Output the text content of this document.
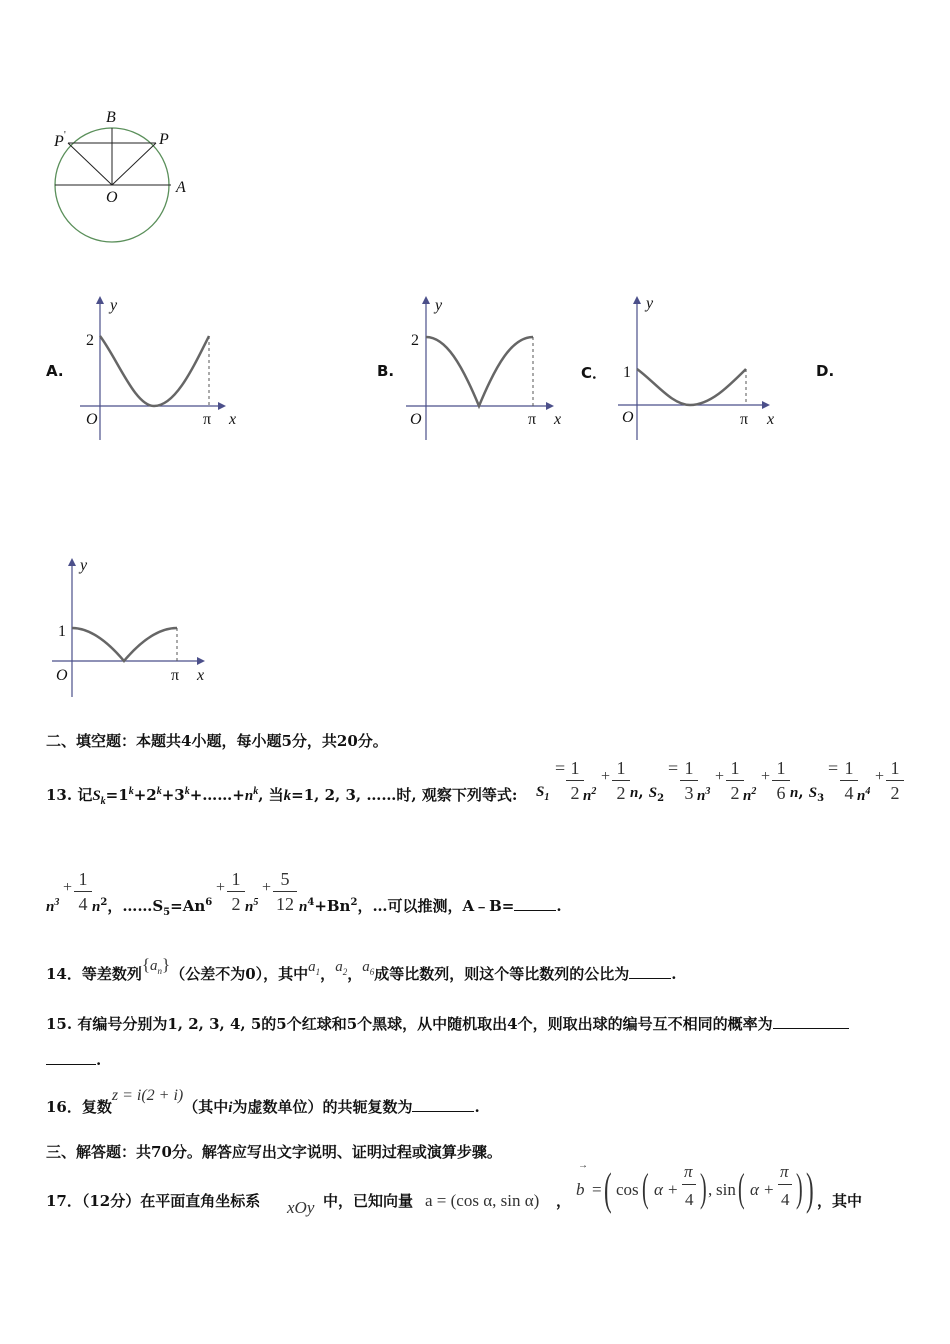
B
P '	P
O
A
A.
2
O	π x
y
B.
2
O	π x
y
C． 1
O	π x
y
D.
1
O	π x
y
二、填空题：本题共4小题，每小题5分，共20分。
13. 记$S_k=1^k+2^k+3^k+\dots\dots+n^k$, 当k=1, 2, 3, ……时, 观察下列等式: $S_1$
= 1
2 $n^2$
+ 1
2 n, $S_2$
= 1
3 $n^3$
+ 1
2 $n^2$
+ 1
6 n, $S_3$
= 1
4 $n^4$
+ 1
2
$n^3$
+ 1
4 $n^2$，$\dots\dots S_5=An^6$
+ 1
2 $n^5$
+ 5
12 $n^4+Bn^2$，…可以推测，A﹣B=	.
14．等差数列$\{a_n\}$（公差不为0），其中$a_1$，$a_2$，$a_6$成等比数列，则这个等比数列的公比为	.
15. 有编号分别为1, 2, 3, 4, 5的5个红球和5个黑球，从中随机取出4个，则取出球的编号互不相同的概率为
.
16．复数z = i(2 + i)（其中i为虚数单位）的共轭复数为	.
三、解答题：共70分。解答应写出文字说明、证明过程或演算步骤。
17．（12分）在平面直角坐标系 xOy 中，已知向量 a = (cos α, sin α) ，
→
b = ( cos ( α +
π
4 ) , sin ( α +
π
4 ) ) ，其中
